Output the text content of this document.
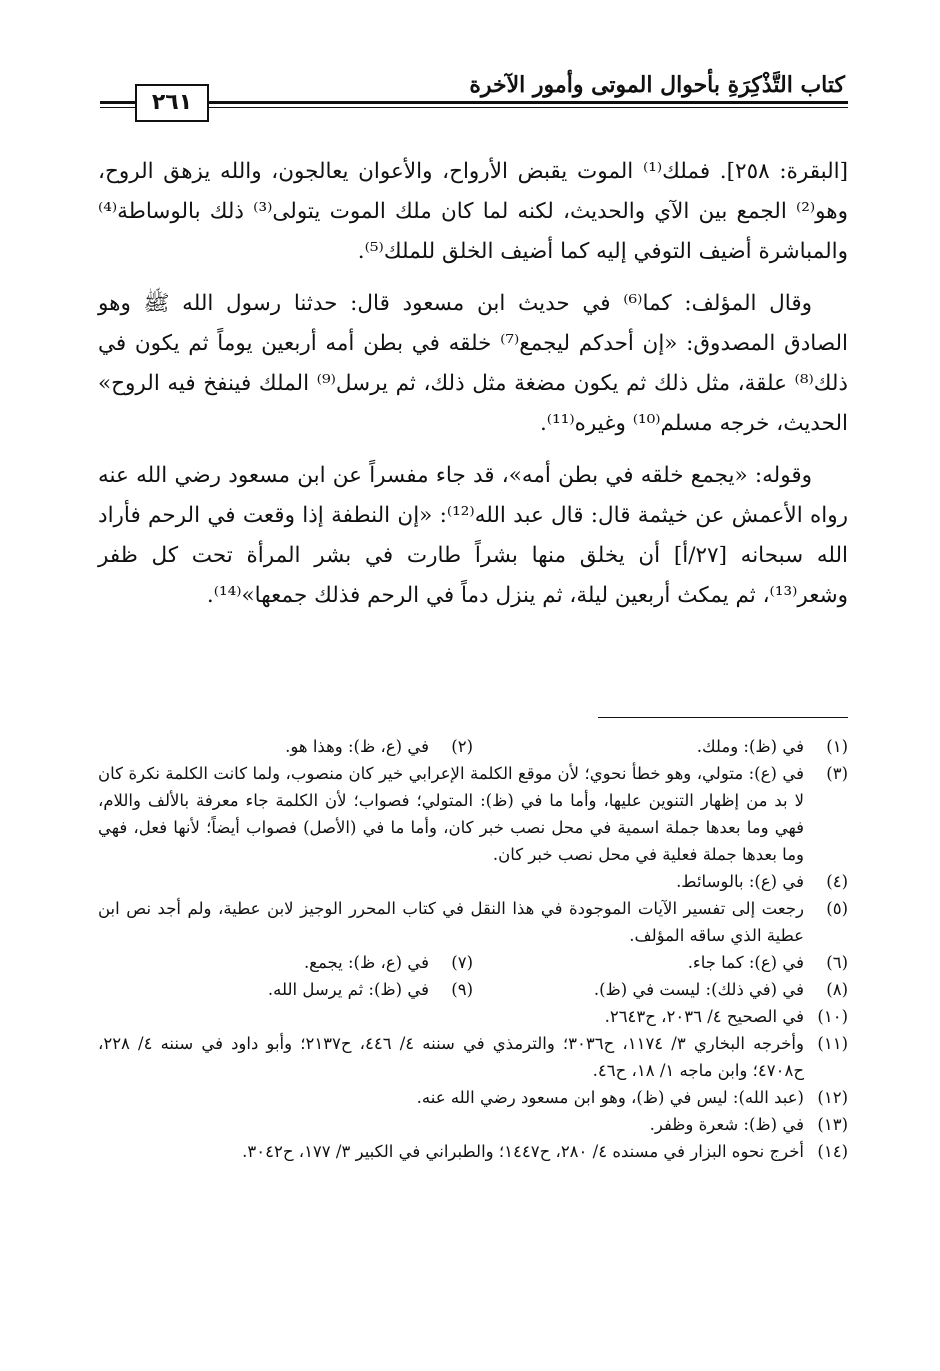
كتاب التَّذْكِرَةِ بأحوال الموتى وأمور الآخرة
٢٦١

[البقرة: ٢٥٨]. فملك⁽¹⁾ الموت يقبض الأرواح، والأعوان يعالجون، والله يزهق الروح، وهو⁽²⁾ الجمع بين الآي والحديث، لكنه لما كان ملك الموت يتولى⁽³⁾ ذلك بالوساطة⁽⁴⁾ والمباشرة أضيف التوفي إليه كما أضيف الخلق للملك⁽⁵⁾.

وقال المؤلف: كما⁽⁶⁾ في حديث ابن مسعود قال: حدثنا رسول الله ﷺ وهو الصادق المصدوق: «إن أحدكم ليجمع⁽⁷⁾ خلقه في بطن أمه أربعين يوماً ثم يكون في ذلك⁽⁸⁾ علقة، مثل ذلك ثم يكون مضغة مثل ذلك، ثم يرسل⁽⁹⁾ الملك فينفخ فيه الروح» الحديث، خرجه مسلم⁽¹⁰⁾ وغيره⁽¹¹⁾.

وقوله: «يجمع خلقه في بطن أمه»، قد جاء مفسراً عن ابن مسعود رضي الله عنه رواه الأعمش عن خيثمة قال: قال عبد الله⁽¹²⁾: «إن النطفة إذا وقعت في الرحم فأراد الله سبحانه [٢٧/أ] أن يخلق منها بشراً طارت في بشر المرأة تحت كل ظفر وشعر⁽¹³⁾، ثم يمكث أربعين ليلة، ثم ينزل دماً في الرحم فذلك جمعها»⁽¹⁴⁾.

(١)
في (ظ): وملك.
(٢)
في (ع، ظ): وهذا هو.
(٣)
في (ع): متولي، وهو خطأ نحوي؛ لأن موقع الكلمة الإعرابي خير كان منصوب، ولما كانت الكلمة نكرة كان لا بد من إظهار التنوين عليها، وأما ما في (ظ): المتولي؛ فصواب؛ لأن الكلمة جاء معرفة بالألف واللام، فهي وما بعدها جملة اسمية في محل نصب خبر كان، وأما ما في (الأصل) فصواب أيضاً؛ لأنها فعل، فهي وما بعدها جملة فعلية في محل نصب خبر كان.
(٤)
في (ع): بالوسائط.
(٥)
رجعت إلى تفسير الآيات الموجودة في هذا النقل في كتاب المحرر الوجيز لابن عطية، ولم أجد نص ابن عطية الذي ساقه المؤلف.
(٦)
في (ع): كما جاء.
(٧)
في (ع، ظ): يجمع.
(٨)
في (في ذلك): ليست في (ظ).
(٩)
في (ظ): ثم يرسل الله.
(١٠)
في الصحيح ٤/ ٢٠٣٦، ح٢٦٤٣.
(١١)
وأخرجه البخاري ٣/ ١١٧٤، ح٣٠٣٦؛ والترمذي في سننه ٤/ ٤٤٦، ح٢١٣٧؛ وأبو داود في سننه ٤/ ٢٢٨، ح٤٧٠٨؛ وابن ماجه ١/ ١٨، ح٤٦.
(١٢)
(عبد الله): ليس في (ظ)، وهو ابن مسعود رضي الله عنه.
(١٣)
في (ظ): شعرة وظفر.
(١٤)
أخرج نحوه البزار في مسنده ٤/ ٢٨٠، ح١٤٤٧؛ والطبراني في الكبير ٣/ ١٧٧، ح٣٠٤٢.
